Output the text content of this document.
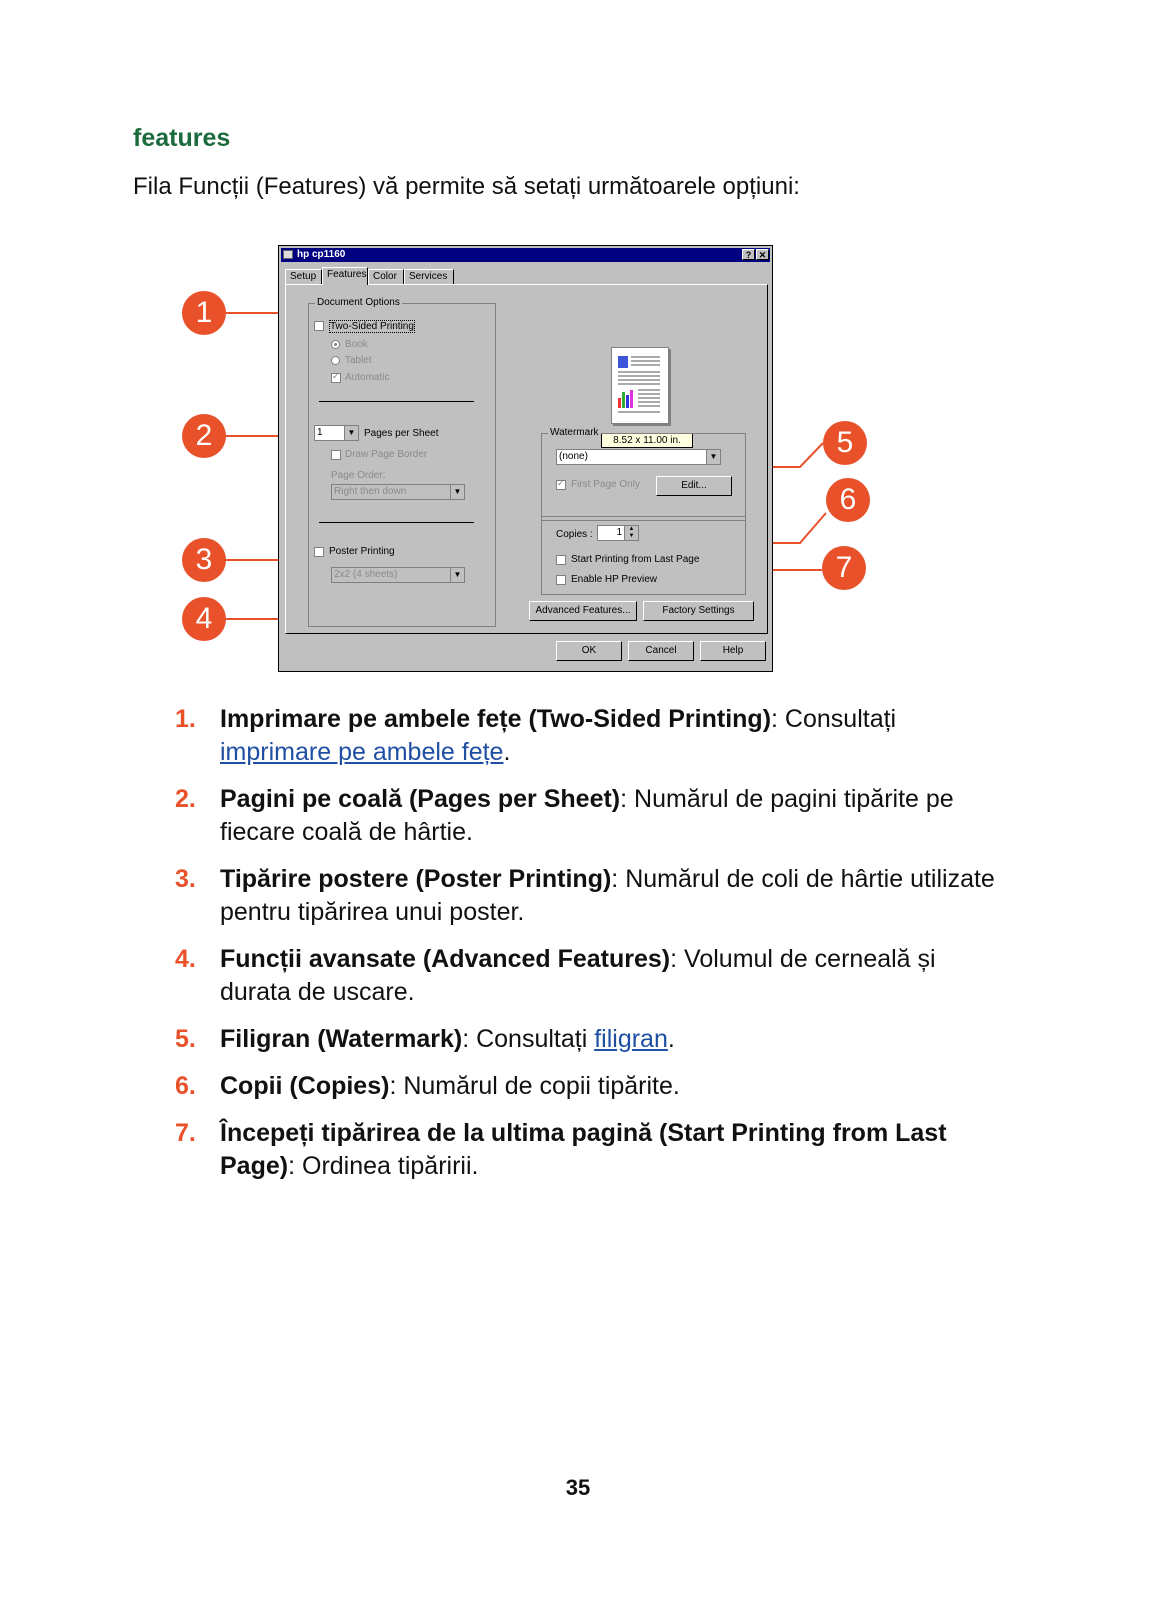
features
Fila Funcții (Features) vă permite să setați următoarele opțiuni:
1
2
3
4
5
6
7
hp cp1160	? ✕
Setup	Features Color	Services
Document Options
Two-Sided Printing
Book
Tablet
✓
Automatic
1	▼ Pages per Sheet
Draw Page Border
Page Order:
Right then down	▼
Poster Printing
2x2 (4 sheets)	▼
8.52 x 11.00 in.
Watermark
(none)	▼
✓
First Page Only	Edit...
Copies :	1	▲
▼
Start Printing from Last Page
Enable HP Preview
Advanced Features...	Factory Settings
OK	Cancel	Help
1. Imprimare pe ambele fețe (Two-Sided Printing): Consultați imprimare pe ambele fețe.
2. Pagini pe coală (Pages per Sheet): Numărul de pagini tipărite pe fiecare coală de hârtie.
3. Tipărire postere (Poster Printing): Numărul de coli de hârtie utilizate pentru tipărirea unui poster.
4. Funcții avansate (Advanced Features): Volumul de cerneală și durata de uscare.
5. Filigran (Watermark): Consultați filigran.
6. Copii (Copies): Numărul de copii tipărite.
7. Începeți tipărirea de la ultima pagină (Start Printing from Last Page): Ordinea tipăririi.
35
